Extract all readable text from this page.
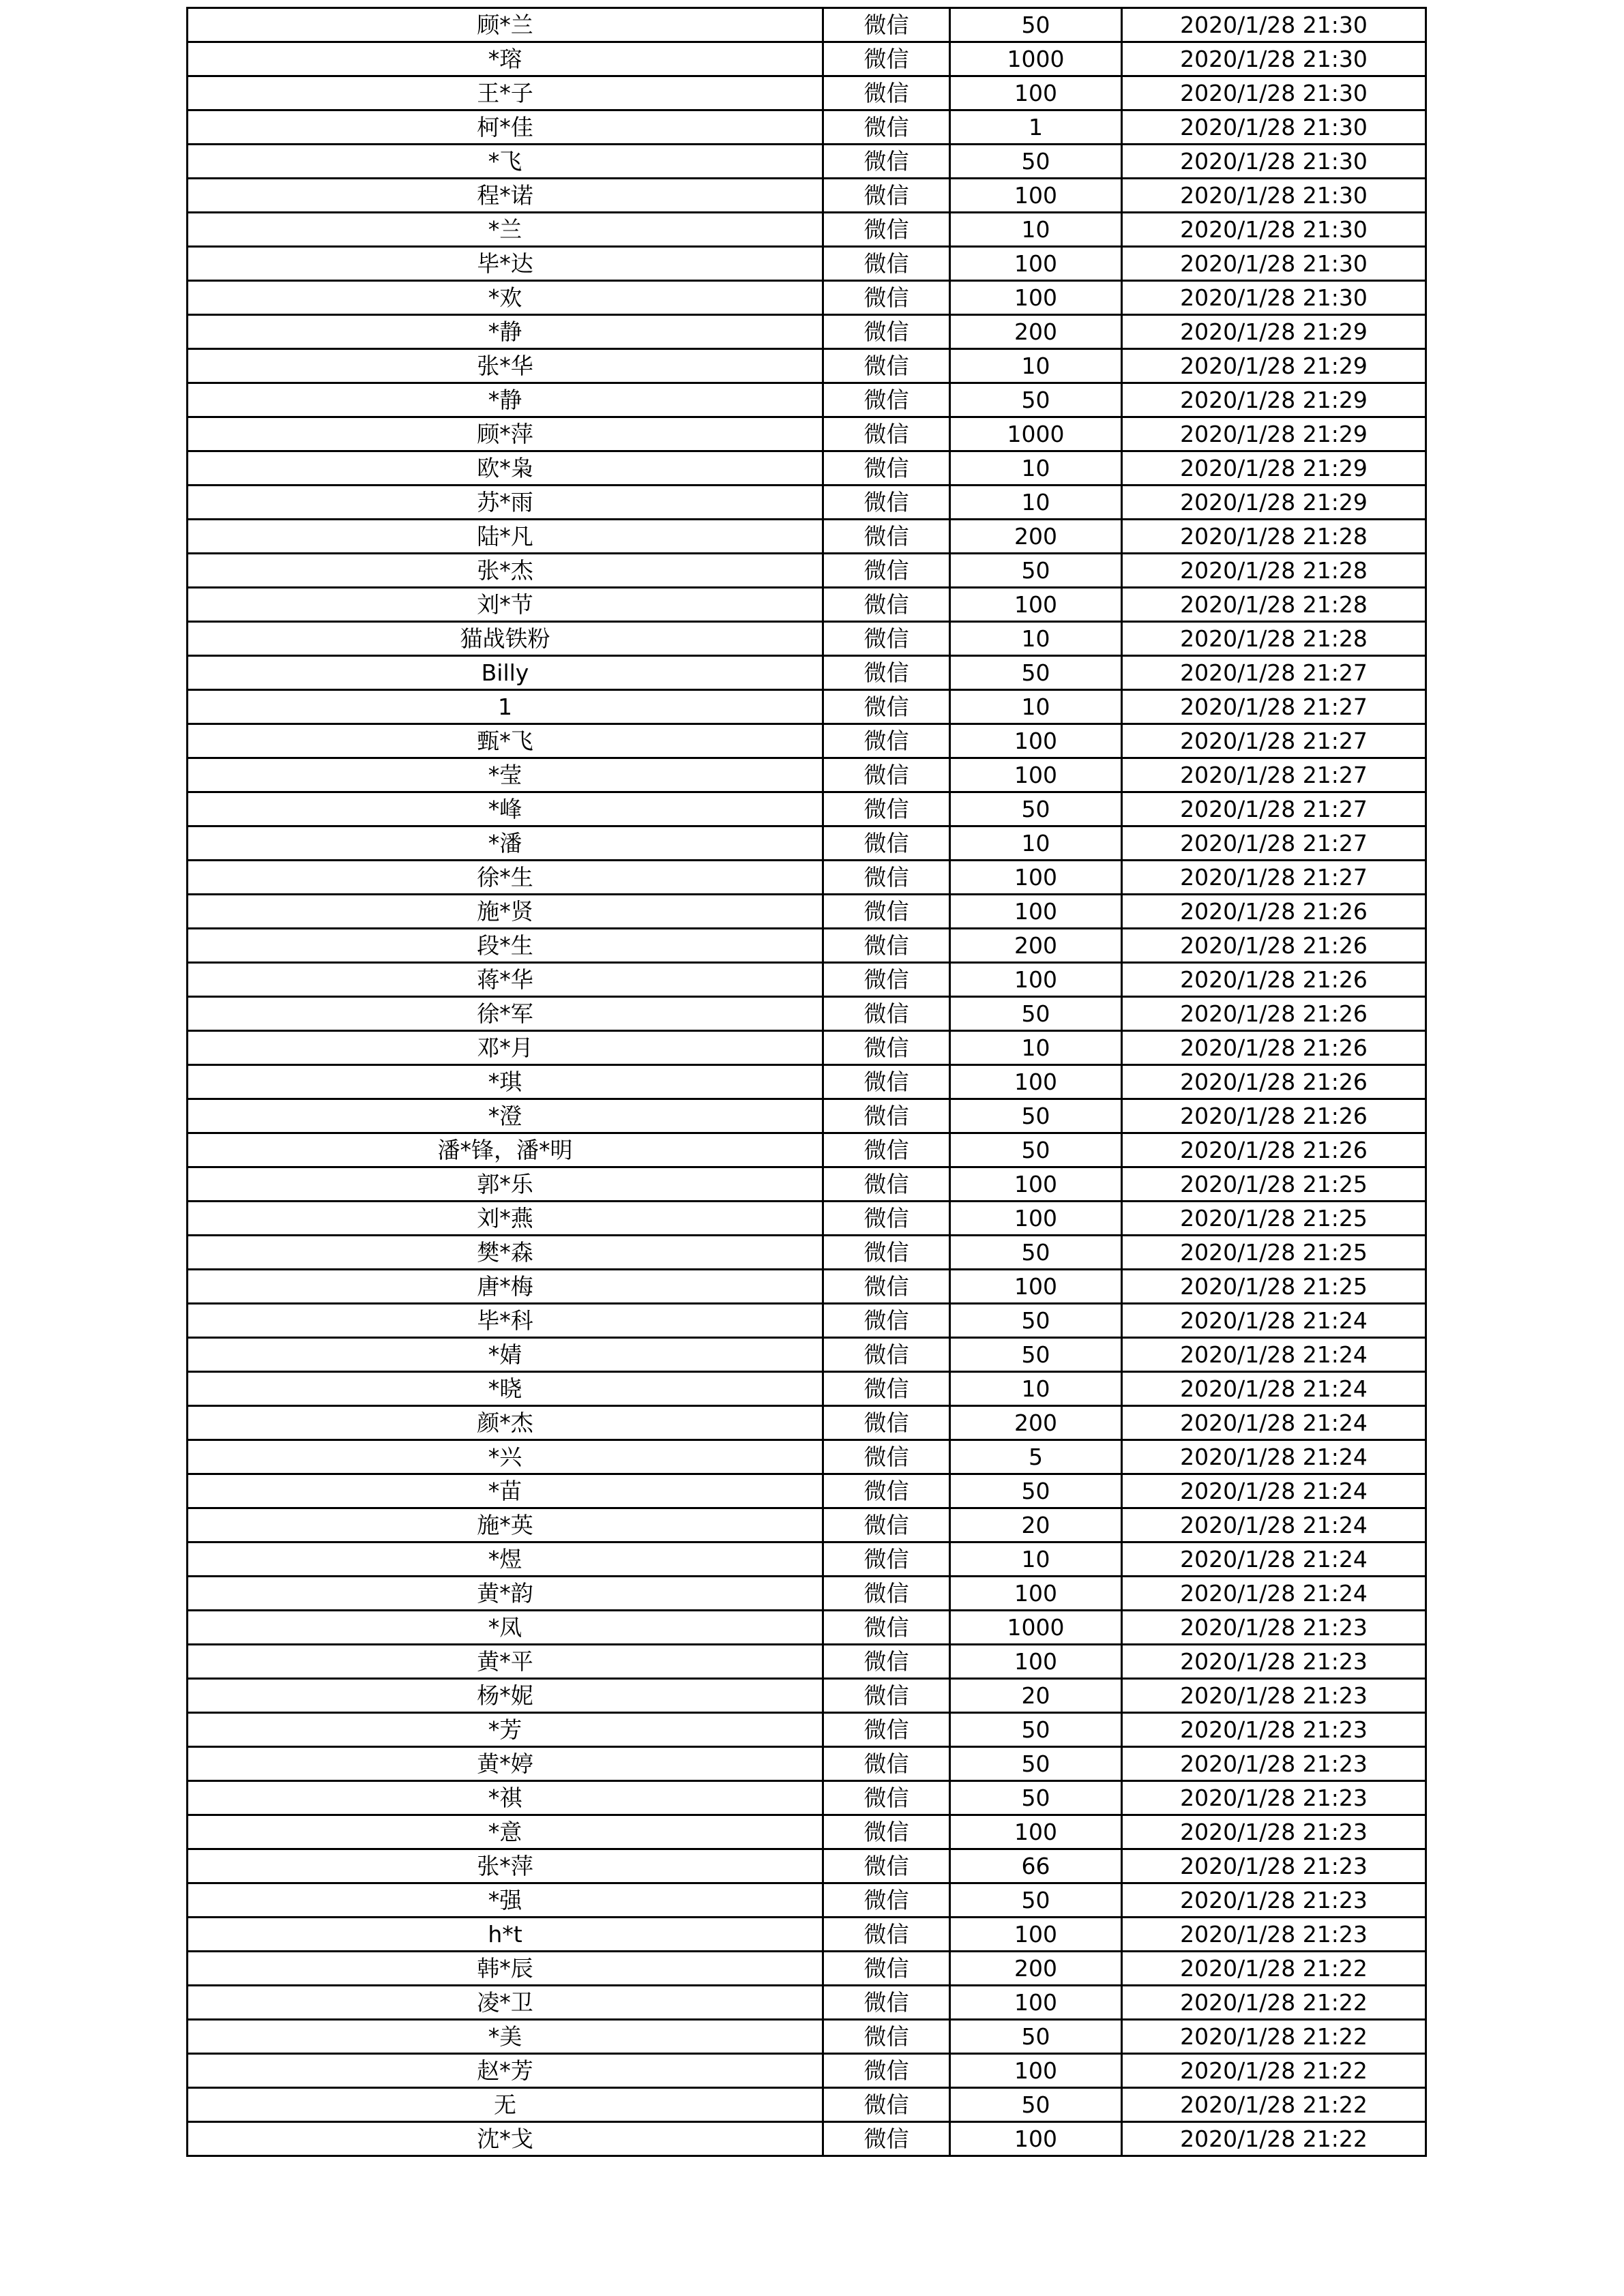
顾*兰	微信	50	2020/1/28 21:30
*瑢	微信	1000	2020/1/28 21:30
王*子	微信	100	2020/1/28 21:30
柯*佳	微信	1	2020/1/28 21:30
*飞	微信	50	2020/1/28 21:30
程*诺	微信	100	2020/1/28 21:30
*兰	微信	10	2020/1/28 21:30
毕*达	微信	100	2020/1/28 21:30
*欢	微信	100	2020/1/28 21:30
*静	微信	200	2020/1/28 21:29
张*华	微信	10	2020/1/28 21:29
*静	微信	50	2020/1/28 21:29
顾*萍	微信	1000	2020/1/28 21:29
欧*枭	微信	10	2020/1/28 21:29
苏*雨	微信	10	2020/1/28 21:29
陆*凡	微信	200	2020/1/28 21:28
张*杰	微信	50	2020/1/28 21:28
刘*节	微信	100	2020/1/28 21:28
猫战铁粉	微信	10	2020/1/28 21:28
Billy	微信	50	2020/1/28 21:27
1	微信	10	2020/1/28 21:27
甄*飞	微信	100	2020/1/28 21:27
*莹	微信	100	2020/1/28 21:27
*峰	微信	50	2020/1/28 21:27
*潘	微信	10	2020/1/28 21:27
徐*生	微信	100	2020/1/28 21:27
施*贤	微信	100	2020/1/28 21:26
段*生	微信	200	2020/1/28 21:26
蒋*华	微信	100	2020/1/28 21:26
徐*军	微信	50	2020/1/28 21:26
邓*月	微信	10	2020/1/28 21:26
*琪	微信	100	2020/1/28 21:26
*澄	微信	50	2020/1/28 21:26
潘*锋，潘*明	微信	50	2020/1/28 21:26
郭*乐	微信	100	2020/1/28 21:25
刘*燕	微信	100	2020/1/28 21:25
樊*森	微信	50	2020/1/28 21:25
唐*梅	微信	100	2020/1/28 21:25
毕*科	微信	50	2020/1/28 21:24
*婧	微信	50	2020/1/28 21:24
*晓	微信	10	2020/1/28 21:24
颜*杰	微信	200	2020/1/28 21:24
*兴	微信	5	2020/1/28 21:24
*苗	微信	50	2020/1/28 21:24
施*英	微信	20	2020/1/28 21:24
*煜	微信	10	2020/1/28 21:24
黄*韵	微信	100	2020/1/28 21:24
*凤	微信	1000	2020/1/28 21:23
黄*平	微信	100	2020/1/28 21:23
杨*妮	微信	20	2020/1/28 21:23
*芳	微信	50	2020/1/28 21:23
黄*婷	微信	50	2020/1/28 21:23
*祺	微信	50	2020/1/28 21:23
*意	微信	100	2020/1/28 21:23
张*萍	微信	66	2020/1/28 21:23
*强	微信	50	2020/1/28 21:23
h*t	微信	100	2020/1/28 21:23
韩*辰	微信	200	2020/1/28 21:22
凌*卫	微信	100	2020/1/28 21:22
*美	微信	50	2020/1/28 21:22
赵*芳	微信	100	2020/1/28 21:22
无	微信	50	2020/1/28 21:22
沈*戈	微信	100	2020/1/28 21:22
